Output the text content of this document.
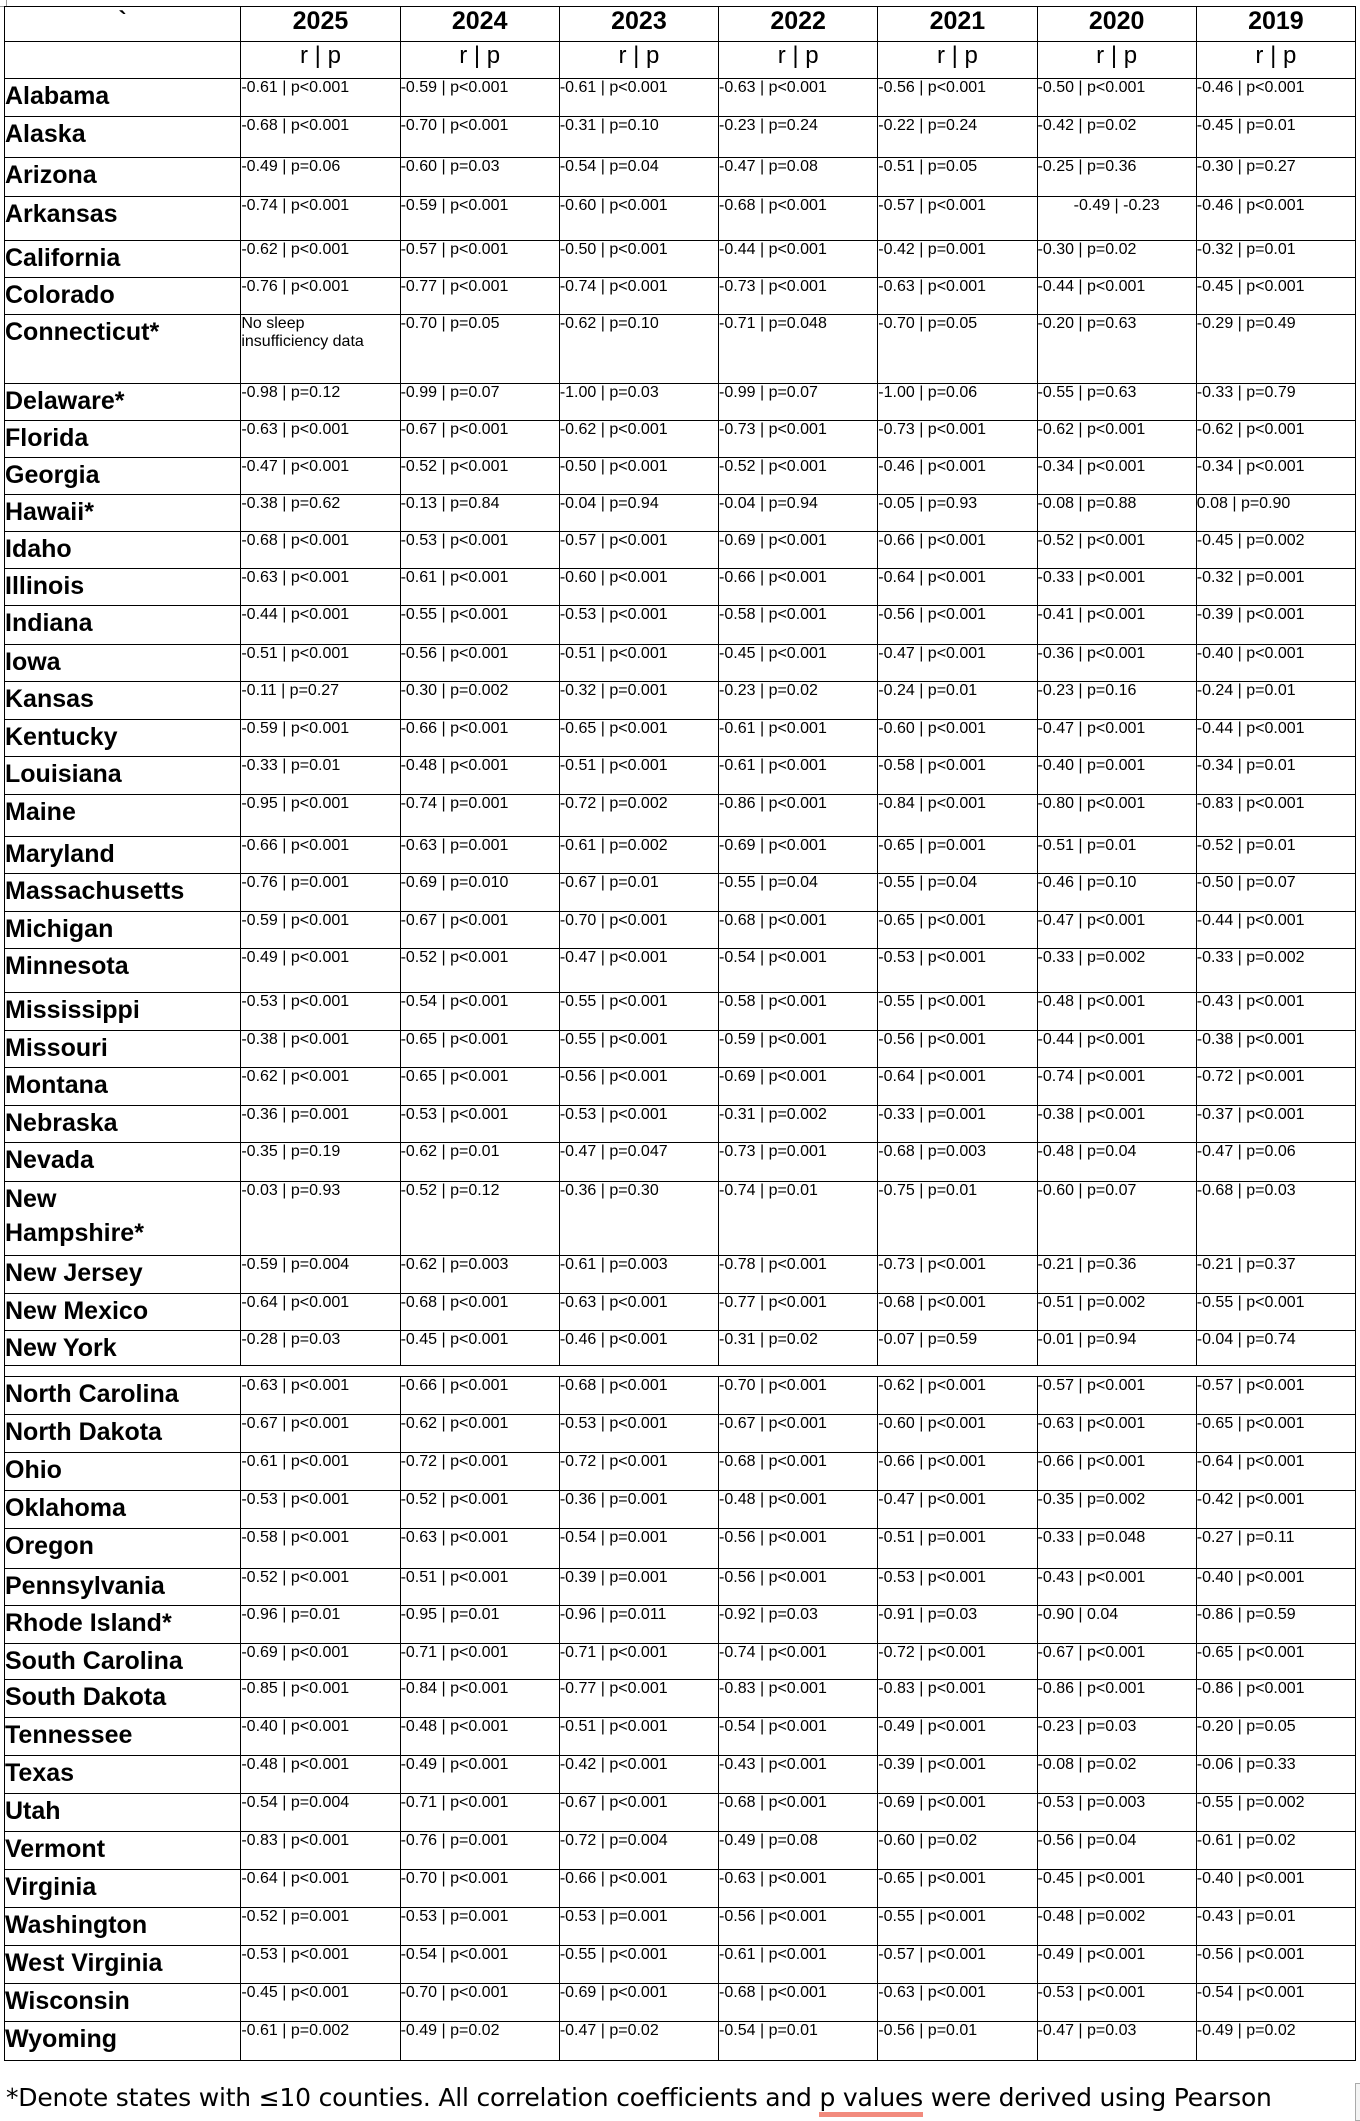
`	2025	2024	2023	2022	2021	2020	2019
	r | p	r | p	r | p	r | p	r | p	r | p	r | p
Alabama	-0.61 | p<0.001	-0.59 | p<0.001	-0.61 | p<0.001	-0.63 | p<0.001	-0.56 | p<0.001	-0.50 | p<0.001	-0.46 | p<0.001
Alaska	-0.68 | p<0.001	-0.70 | p<0.001	-0.31 | p=0.10	-0.23 | p=0.24	-0.22 | p=0.24	-0.42 | p=0.02	-0.45 | p=0.01
Arizona	-0.49 | p=0.06	-0.60 | p=0.03	-0.54 | p=0.04	-0.47 | p=0.08	-0.51 | p=0.05	-0.25 | p=0.36	-0.30 | p=0.27
Arkansas	-0.74 | p<0.001	-0.59 | p<0.001	-0.60 | p<0.001	-0.68 | p<0.001	-0.57 | p<0.001	-0.49 | -0.23	-0.46 | p<0.001
California	-0.62 | p<0.001	-0.57 | p<0.001	-0.50 | p<0.001	-0.44 | p<0.001	-0.42 | p=0.001	-0.30 | p=0.02	-0.32 | p=0.01
Colorado	-0.76 | p<0.001	-0.77 | p<0.001	-0.74 | p<0.001	-0.73 | p<0.001	-0.63 | p<0.001	-0.44 | p<0.001	-0.45 | p<0.001
Connecticut*	No sleep insufficiency data	-0.70 | p=0.05	-0.62 | p=0.10	-0.71 | p=0.048	-0.70 | p=0.05	-0.20 | p=0.63	-0.29 | p=0.49
Delaware*	-0.98 | p=0.12	-0.99 | p=0.07	-1.00 | p=0.03	-0.99 | p=0.07	-1.00 | p=0.06	-0.55 | p=0.63	-0.33 | p=0.79
Florida	-0.63 | p<0.001	-0.67 | p<0.001	-0.62 | p<0.001	-0.73 | p<0.001	-0.73 | p<0.001	-0.62 | p<0.001	-0.62 | p<0.001
Georgia	-0.47 | p<0.001	-0.52 | p<0.001	-0.50 | p<0.001	-0.52 | p<0.001	-0.46 | p<0.001	-0.34 | p<0.001	-0.34 | p<0.001
Hawaii*	-0.38 | p=0.62	-0.13 | p=0.84	-0.04 | p=0.94	-0.04 | p=0.94	-0.05 | p=0.93	-0.08 | p=0.88	0.08 | p=0.90
Idaho	-0.68 | p<0.001	-0.53 | p<0.001	-0.57 | p<0.001	-0.69 | p<0.001	-0.66 | p<0.001	-0.52 | p<0.001	-0.45 | p=0.002
Illinois	-0.63 | p<0.001	-0.61 | p<0.001	-0.60 | p<0.001	-0.66 | p<0.001	-0.64 | p<0.001	-0.33 | p<0.001	-0.32 | p=0.001
Indiana	-0.44 | p<0.001	-0.55 | p<0.001	-0.53 | p<0.001	-0.58 | p<0.001	-0.56 | p<0.001	-0.41 | p<0.001	-0.39 | p<0.001
Iowa	-0.51 | p<0.001	-0.56 | p<0.001	-0.51 | p<0.001	-0.45 | p<0.001	-0.47 | p<0.001	-0.36 | p<0.001	-0.40 | p<0.001
Kansas	-0.11 | p=0.27	-0.30 | p=0.002	-0.32 | p=0.001	-0.23 | p=0.02	-0.24 | p=0.01	-0.23 | p=0.16	-0.24 | p=0.01
Kentucky	-0.59 | p<0.001	-0.66 | p<0.001	-0.65 | p<0.001	-0.61 | p<0.001	-0.60 | p<0.001	-0.47 | p<0.001	-0.44 | p<0.001
Louisiana	-0.33 | p=0.01	-0.48 | p<0.001	-0.51 | p<0.001	-0.61 | p<0.001	-0.58 | p<0.001	-0.40 | p=0.001	-0.34 | p=0.01
Maine	-0.95 | p<0.001	-0.74 | p=0.001	-0.72 | p=0.002	-0.86 | p<0.001	-0.84 | p<0.001	-0.80 | p<0.001	-0.83 | p<0.001
Maryland	-0.66 | p<0.001	-0.63 | p=0.001	-0.61 | p=0.002	-0.69 | p<0.001	-0.65 | p=0.001	-0.51 | p=0.01	-0.52 | p=0.01
Massachusetts	-0.76 | p=0.001	-0.69 | p=0.010	-0.67 | p=0.01	-0.55 | p=0.04	-0.55 | p=0.04	-0.46 | p=0.10	-0.50 | p=0.07
Michigan	-0.59 | p<0.001	-0.67 | p<0.001	-0.70 | p<0.001	-0.68 | p<0.001	-0.65 | p<0.001	-0.47 | p<0.001	-0.44 | p<0.001
Minnesota	-0.49 | p<0.001	-0.52 | p<0.001	-0.47 | p<0.001	-0.54 | p<0.001	-0.53 | p<0.001	-0.33 | p=0.002	-0.33 | p=0.002
Mississippi	-0.53 | p<0.001	-0.54 | p<0.001	-0.55 | p<0.001	-0.58 | p<0.001	-0.55 | p<0.001	-0.48 | p<0.001	-0.43 | p<0.001
Missouri	-0.38 | p<0.001	-0.65 | p<0.001	-0.55 | p<0.001	-0.59 | p<0.001	-0.56 | p<0.001	-0.44 | p<0.001	-0.38 | p<0.001
Montana	-0.62 | p<0.001	-0.65 | p<0.001	-0.56 | p<0.001	-0.69 | p<0.001	-0.64 | p<0.001	-0.74 | p<0.001	-0.72 | p<0.001
Nebraska	-0.36 | p=0.001	-0.53 | p<0.001	-0.53 | p<0.001	-0.31 | p=0.002	-0.33 | p=0.001	-0.38 | p<0.001	-0.37 | p<0.001
Nevada	-0.35 | p=0.19	-0.62 | p=0.01	-0.47 | p=0.047	-0.73 | p=0.001	-0.68 | p=0.003	-0.48 | p=0.04	-0.47 | p=0.06
New Hampshire*	-0.03 | p=0.93	-0.52 | p=0.12	-0.36 | p=0.30	-0.74 | p=0.01	-0.75 | p=0.01	-0.60 | p=0.07	-0.68 | p=0.03
New Jersey	-0.59 | p=0.004	-0.62 | p=0.003	-0.61 | p=0.003	-0.78 | p<0.001	-0.73 | p<0.001	-0.21 | p=0.36	-0.21 | p=0.37
New Mexico	-0.64 | p<0.001	-0.68 | p<0.001	-0.63 | p<0.001	-0.77 | p<0.001	-0.68 | p<0.001	-0.51 | p=0.002	-0.55 | p<0.001
New York	-0.28 | p=0.03	-0.45 | p<0.001	-0.46 | p<0.001	-0.31 | p=0.02	-0.07 | p=0.59	-0.01 | p=0.94	-0.04 | p=0.74

North Carolina	-0.63 | p<0.001	-0.66 | p<0.001	-0.68 | p<0.001	-0.70 | p<0.001	-0.62 | p<0.001	-0.57 | p<0.001	-0.57 | p<0.001
North Dakota	-0.67 | p<0.001	-0.62 | p<0.001	-0.53 | p<0.001	-0.67 | p<0.001	-0.60 | p<0.001	-0.63 | p<0.001	-0.65 | p<0.001
Ohio	-0.61 | p<0.001	-0.72 | p<0.001	-0.72 | p<0.001	-0.68 | p<0.001	-0.66 | p<0.001	-0.66 | p<0.001	-0.64 | p<0.001
Oklahoma	-0.53 | p<0.001	-0.52 | p<0.001	-0.36 | p=0.001	-0.48 | p<0.001	-0.47 | p<0.001	-0.35 | p=0.002	-0.42 | p<0.001
Oregon	-0.58 | p<0.001	-0.63 | p<0.001	-0.54 | p=0.001	-0.56 | p<0.001	-0.51 | p=0.001	-0.33 | p=0.048	-0.27 | p=0.11
Pennsylvania	-0.52 | p<0.001	-0.51 | p<0.001	-0.39 | p=0.001	-0.56 | p<0.001	-0.53 | p<0.001	-0.43 | p<0.001	-0.40 | p<0.001
Rhode Island*	-0.96 | p=0.01	-0.95 | p=0.01	-0.96 | p=0.011	-0.92 | p=0.03	-0.91 | p=0.03	-0.90 | 0.04	-0.86 | p=0.59
South Carolina	-0.69 | p<0.001	-0.71 | p<0.001	-0.71 | p<0.001	-0.74 | p<0.001	-0.72 | p<0.001	-0.67 | p<0.001	-0.65 | p<0.001
South Dakota	-0.85 | p<0.001	-0.84 | p<0.001	-0.77 | p<0.001	-0.83 | p<0.001	-0.83 | p<0.001	-0.86 | p<0.001	-0.86 | p<0.001
Tennessee	-0.40 | p<0.001	-0.48 | p<0.001	-0.51 | p<0.001	-0.54 | p<0.001	-0.49 | p<0.001	-0.23 | p=0.03	-0.20 | p=0.05
Texas	-0.48 | p<0.001	-0.49 | p<0.001	-0.42 | p<0.001	-0.43 | p<0.001	-0.39 | p<0.001	-0.08 | p=0.02	-0.06 | p=0.33
Utah	-0.54 | p=0.004	-0.71 | p<0.001	-0.67 | p<0.001	-0.68 | p<0.001	-0.69 | p<0.001	-0.53 | p=0.003	-0.55 | p=0.002
Vermont	-0.83 | p<0.001	-0.76 | p=0.001	-0.72 | p=0.004	-0.49 | p=0.08	-0.60 | p=0.02	-0.56 | p=0.04	-0.61 | p=0.02
Virginia	-0.64 | p<0.001	-0.70 | p<0.001	-0.66 | p<0.001	-0.63 | p<0.001	-0.65 | p<0.001	-0.45 | p<0.001	-0.40 | p<0.001
Washington	-0.52 | p=0.001	-0.53 | p=0.001	-0.53 | p=0.001	-0.56 | p<0.001	-0.55 | p<0.001	-0.48 | p=0.002	-0.43 | p=0.01
West Virginia	-0.53 | p<0.001	-0.54 | p<0.001	-0.55 | p<0.001	-0.61 | p<0.001	-0.57 | p<0.001	-0.49 | p<0.001	-0.56 | p<0.001
Wisconsin	-0.45 | p<0.001	-0.70 | p<0.001	-0.69 | p<0.001	-0.68 | p<0.001	-0.63 | p<0.001	-0.53 | p<0.001	-0.54 | p<0.001
Wyoming	-0.61 | p=0.002	-0.49 | p=0.02	-0.47 | p=0.02	-0.54 | p=0.01	-0.56 | p=0.01	-0.47 | p=0.03	-0.49 | p=0.02
*Denote states with ≤10 counties. All correlation coefficients and p values were derived using Pearson
